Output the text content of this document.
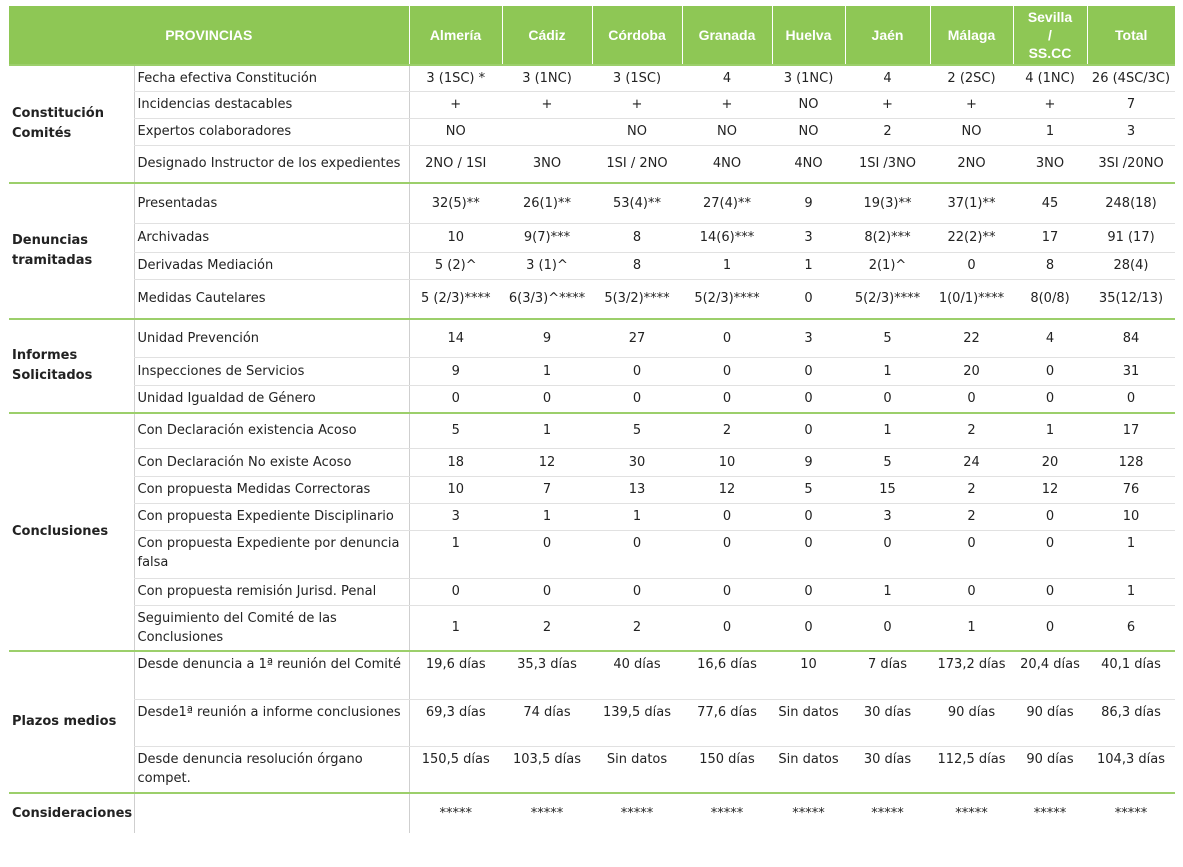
PROVINCIAS		Almería	Cádiz	Córdoba	Granada	Huelva	Jaén	Málaga	Sevilla / SS.CC	Total
Constitución Comités	Fecha efectiva Constitución	3 (1SC) *	3 (1NC)	3 (1SC)	4	3 (1NC)	4	2 (2SC)	4 (1NC)	26 (4SC/3C)
	Incidencias destacables	+	+	+	+	NO	+	+	+	7
	Expertos colaboradores	NO		NO	NO	NO	2	NO	1	3
	Designado Instructor de los expedientes	2NO / 1SI	3NO	1SI / 2NO	4NO	4NO	1SI /3NO	2NO	3NO	3SI /20NO
Denuncias tramitadas	Presentadas	32(5)**	26(1)**	53(4)**	27(4)**	9	19(3)**	37(1)**	45	248(18)
	Archivadas	10	9(7)***	8	14(6)***	3	8(2)***	22(2)**	17	91 (17)
	Derivadas Mediación	5 (2)^	3 (1)^	8	1	1	2(1)^	0	8	28(4)
	Medidas Cautelares	5 (2/3)****	6(3/3)^****	5(3/2)****	5(2/3)****	0	5(2/3)****	1(0/1)****	8(0/8)	35(12/13)
Informes Solicitados	Unidad Prevención	14	9	27	0	3	5	22	4	84
	Inspecciones de Servicios	9	1	0	0	0	1	20	0	31
	Unidad Igualdad de Género	0	0	0	0	0	0	0	0	0
Conclusiones	Con Declaración existencia Acoso	5	1	5	2	0	1	2	1	17
	Con Declaración No existe Acoso	18	12	30	10	9	5	24	20	128
	Con propuesta Medidas Correctoras	10	7	13	12	5	15	2	12	76
	Con propuesta Expediente Disciplinario	3	1	1	0	0	3	2	0	10
	Con propuesta Expediente por denuncia falsa	1	0	0	0	0	0	0	0	1
	Con propuesta remisión Jurisd. Penal	0	0	0	0	0	1	0	0	1
	Seguimiento del Comité de las Conclusiones	1	2	2	0	0	0	1	0	6
Plazos medios	Desde denuncia a 1ª reunión del Comité	19,6 días	35,3 días	40 días	16,6 días	10	7 días	173,2 días	20,4 días	40,1 días
	Desde1ª reunión a informe conclusiones	69,3 días	74 días	139,5 días	77,6 días	Sin datos	30 días	90 días	90 días	86,3 días
	Desde denuncia resolución órgano compet.	150,5 días	103,5 días	Sin datos	150 días	Sin datos	30 días	112,5 días	90 días	104,3 días
Consideraciones		*****	*****	*****	*****	*****	*****	*****	*****	*****
